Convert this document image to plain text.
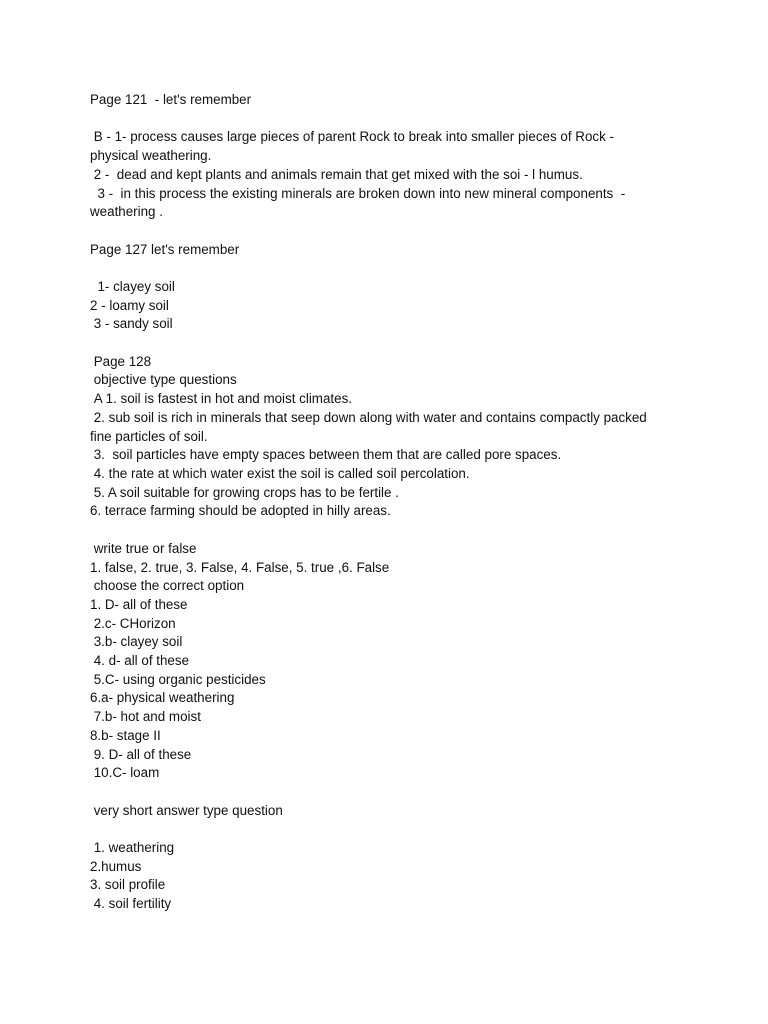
Page 121  - let's remember
B - 1- process causes large pieces of parent Rock to break into smaller pieces of Rock -
physical weathering.
2 -  dead and kept plants and animals remain that get mixed with the soi - l humus.
3 -  in this process the existing minerals are broken down into new mineral components  -
weathering .
Page 127 let's remember
1- clayey soil
2 - loamy soil
3 - sandy soil
Page 128
objective type questions
A 1. soil is fastest in hot and moist climates.
2. sub soil is rich in minerals that seep down along with water and contains compactly packed
fine particles of soil.
3.  soil particles have empty spaces between them that are called pore spaces.
4. the rate at which water exist the soil is called soil percolation.
5. A soil suitable for growing crops has to be fertile .
6. terrace farming should be adopted in hilly areas.
write true or false
1. false, 2. true, 3. False, 4. False, 5. true ,6. False
choose the correct option
1. D- all of these
2.c- CHorizon
3.b- clayey soil
4. d- all of these
5.C- using organic pesticides
6.a- physical weathering
7.b- hot and moist
8.b- stage II
9. D- all of these
10.C- loam
very short answer type question
1. weathering
2.humus
3. soil profile
4. soil fertility
